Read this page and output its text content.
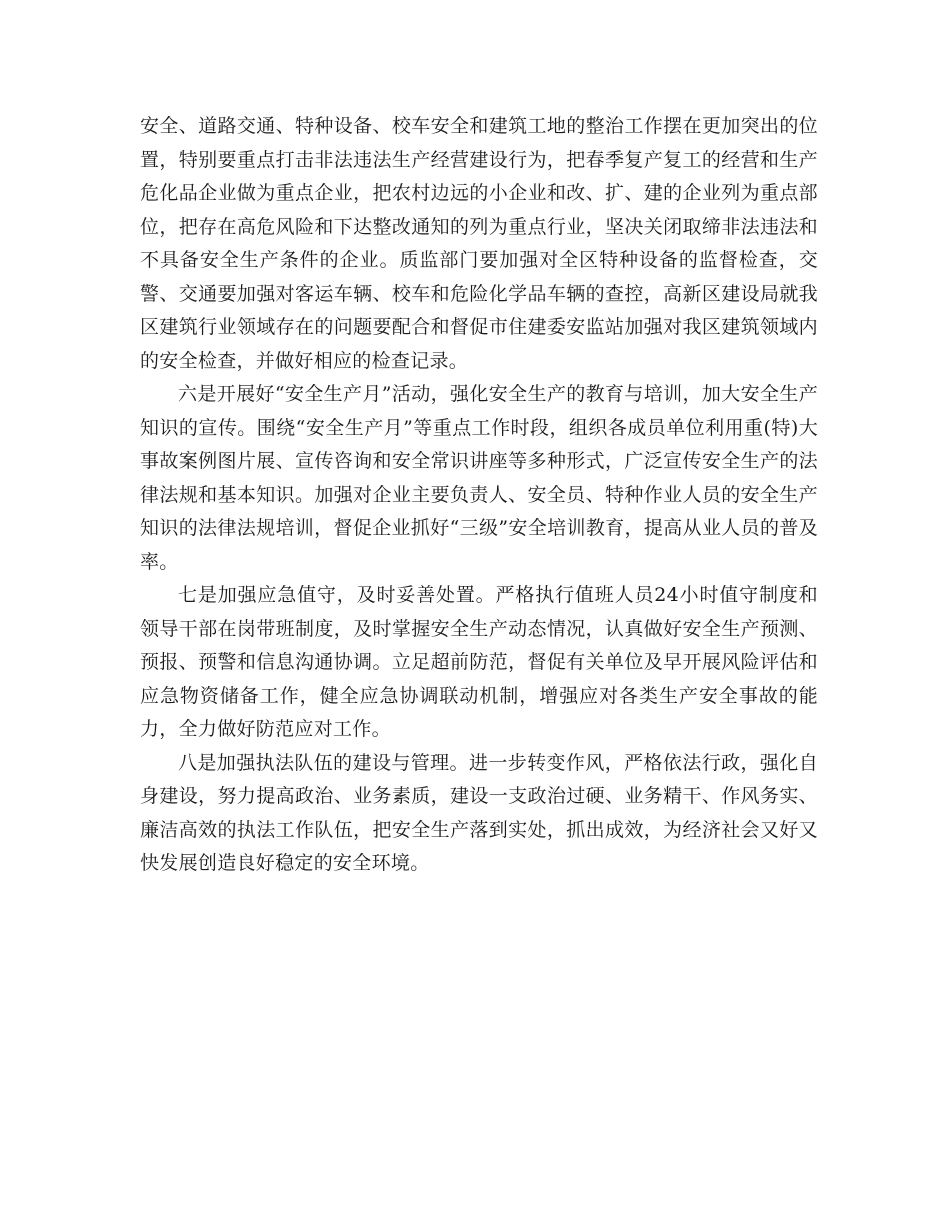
安全、道路交通、特种设备、校车安全和建筑工地的整治工作摆在更加突出的位置，特别要重点打击非法违法生产经营建设行为，把春季复产复工的经营和生产危化品企业做为重点企业，把农村边远的小企业和改、扩、建的企业列为重点部位，把存在高危风险和下达整改通知的列为重点行业，坚决关闭取缔非法违法和不具备安全生产条件的企业。质监部门要加强对全区特种设备的监督检查，交警、交通要加强对客运车辆、校车和危险化学品车辆的查控，高新区建设局就我区建筑行业领域存在的问题要配合和督促市住建委安监站加强对我区建筑领域内的安全检查，并做好相应的检查记录。

六是开展好“安全生产月”活动，强化安全生产的教育与培训，加大安全生产知识的宣传。围绕“安全生产月”等重点工作时段，组织各成员单位利用重(特)大事故案例图片展、宣传咨询和安全常识讲座等多种形式，广泛宣传安全生产的法律法规和基本知识。加强对企业主要负责人、安全员、特种作业人员的安全生产知识的法律法规培训，督促企业抓好“三级”安全培训教育，提高从业人员的普及率。

七是加强应急值守，及时妥善处置。严格执行值班人员24小时值守制度和领导干部在岗带班制度，及时掌握安全生产动态情况，认真做好安全生产预测、预报、预警和信息沟通协调。立足超前防范，督促有关单位及早开展风险评估和应急物资储备工作，健全应急协调联动机制，增强应对各类生产安全事故的能力，全力做好防范应对工作。

八是加强执法队伍的建设与管理。进一步转变作风，严格依法行政，强化自身建设，努力提高政治、业务素质，建设一支政治过硬、业务精干、作风务实、廉洁高效的执法工作队伍，把安全生产落到实处，抓出成效，为经济社会又好又快发展创造良好稳定的安全环境。
